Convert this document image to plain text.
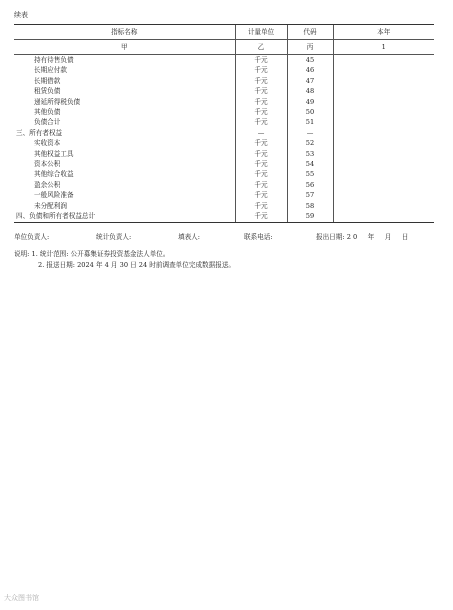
续表
指标名称	计量单位	代码	本年
甲	乙	丙	1
持有待售负债	千元	45	
长期应付款	千元	46	
长期借款	千元	47	
租赁负债	千元	48	
递延所得税负债	千元	49	
其他负债	千元	50	
负债合计	千元	51	
三、所有者权益	—	—	
实收资本	千元	52	
其他权益工具	千元	53	
资本公积	千元	54	
其他综合收益	千元	55	
盈余公积	千元	56	
一般风险准备	千元	57	
未分配利润	千元	58	
四、负债和所有者权益总计	千元	59	
单位负责人:	统计负责人:	填表人:	联系电话:	报出日期: 2 0     年     月     日
说明: 1. 统计范围: 公开募集证券投资基金法人单位。
2. 报送日期: 2024 年 4 月 30 日 24 时前调查单位完成数据报送。
大众图书馆
